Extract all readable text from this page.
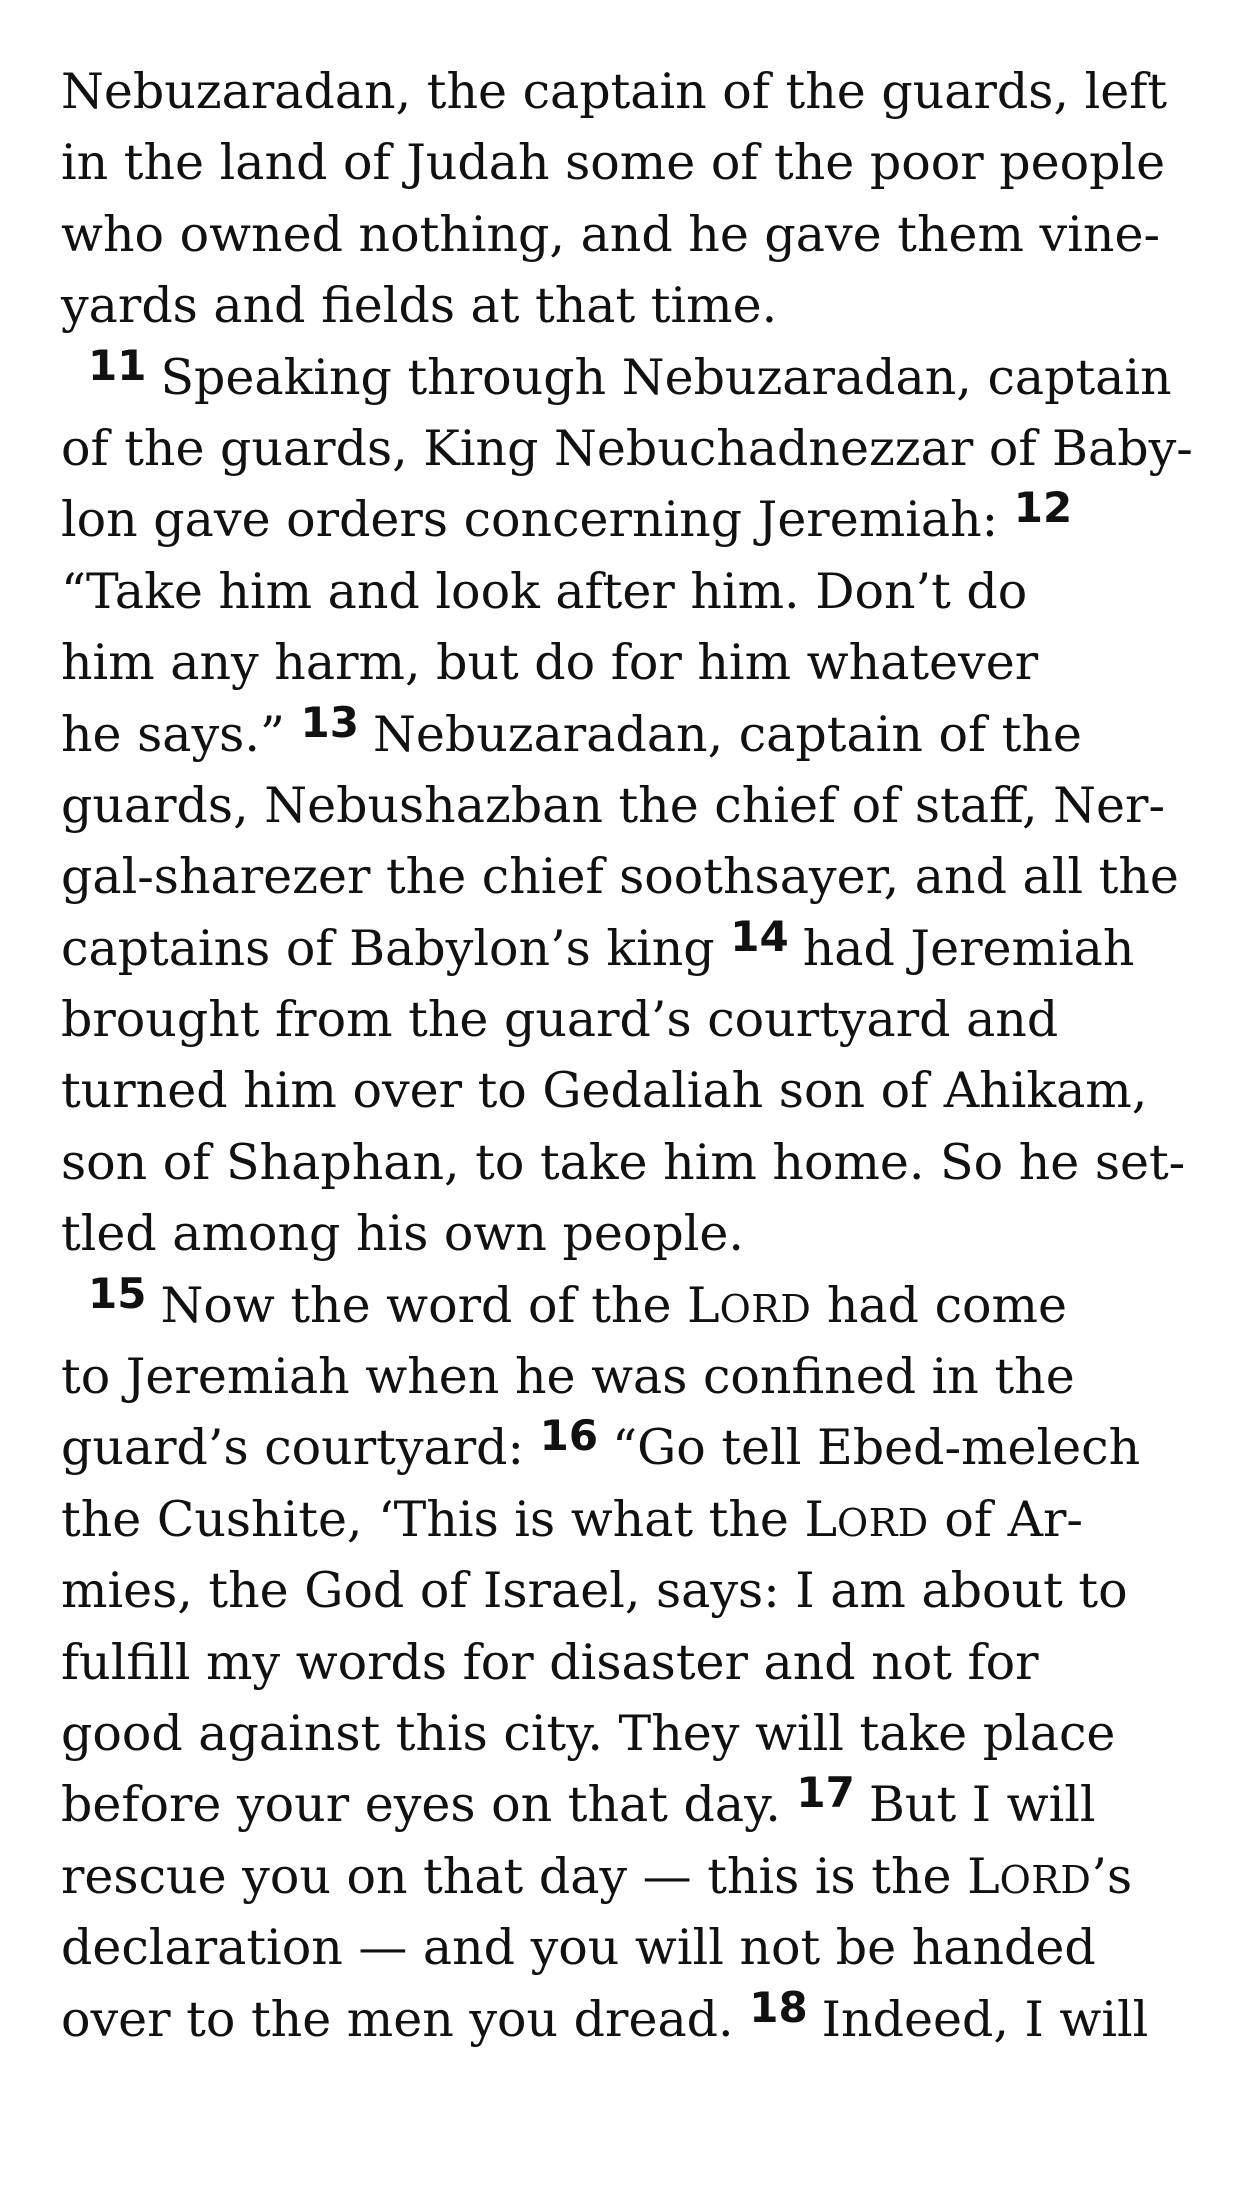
Nebuzaradan, the captain of the guards, left
in the land of Judah some of the poor people
who owned nothing, and he gave them vine-
yards and fields at that time.
11 Speaking through Nebuzaradan, captain
of the guards, King Nebuchadnezzar of Baby-
lon gave orders concerning Jeremiah: 12
“Take him and look after him. Don’t do
him any harm, but do for him whatever
he says.” 13 Nebuzaradan, captain of the
guards, Nebushazban the chief of staff, Ner-
gal-sharezer the chief soothsayer, and all the
captains of Babylon’s king 14 had Jeremiah
brought from the guard’s courtyard and
turned him over to Gedaliah son of Ahikam,
son of Shaphan, to take him home. So he set-
tled among his own people.
15 Now the word of the LORD had come
to Jeremiah when he was confined in the
guard’s courtyard: 16 “Go tell Ebed-melech
the Cushite, ‘This is what the LORD of Ar-
mies, the God of Israel, says: I am about to
fulfill my words for disaster and not for
good against this city. They will take place
before your eyes on that day. 17 But I will
rescue you on that day — this is the LORD’s
declaration — and you will not be handed
over to the men you dread. 18 Indeed, I will
